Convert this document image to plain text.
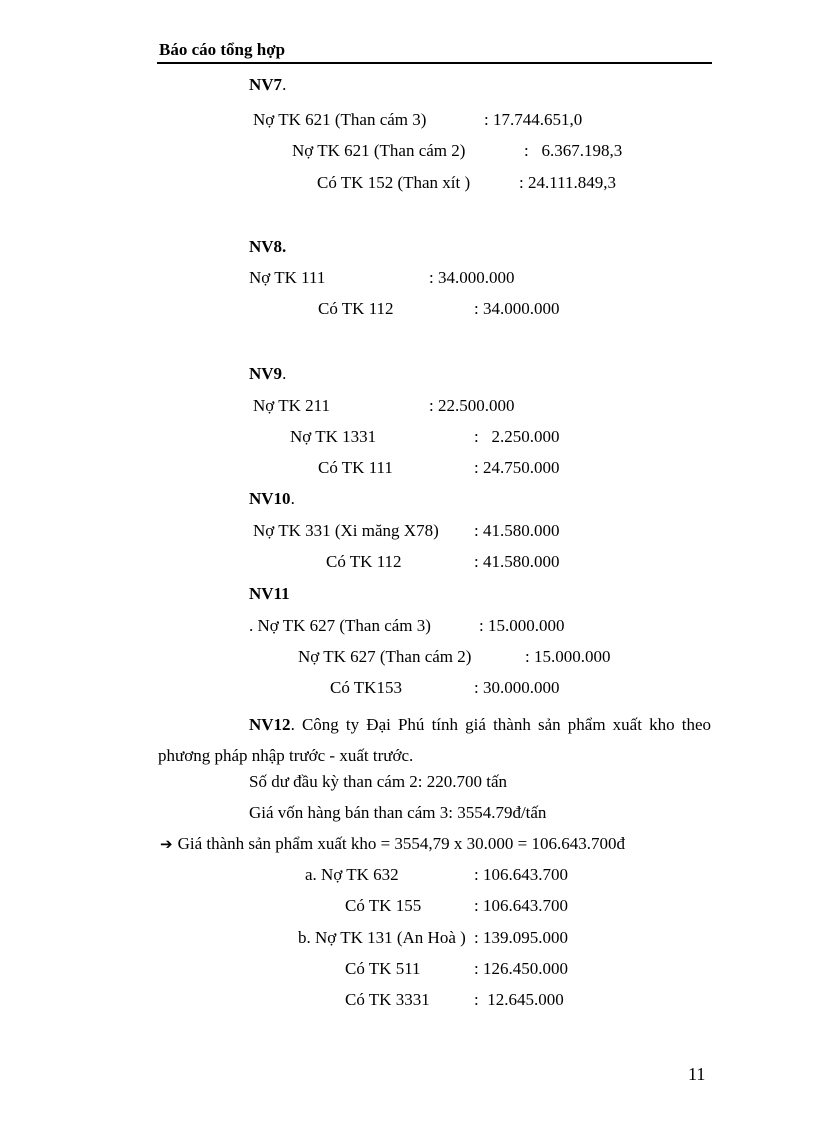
Báo cáo tổng hợp
NV7.
Nợ TK 621 (Than cám 3)	: 17.744.651,0
Nợ TK 621 (Than cám 2)	:   6.367.198,3
Có TK 152 (Than xít )	: 24.111.849,3
NV8.
Nợ TK 111	: 34.000.000
Có TK 112	: 34.000.000
NV9.
Nợ TK 211	: 22.500.000
Nợ TK 1331	:   2.250.000
Có TK 111	: 24.750.000
NV10.
Nợ TK 331 (Xi măng X78) : 41.580.000
Có TK 112	: 41.580.000
NV11
. Nợ TK 627 (Than cám 3)	: 15.000.000
Nợ TK 627 (Than cám 2)	: 15.000.000
Có TK153	: 30.000.000
NV12. Công ty Đại Phú tính giá thành sản phẩm xuất kho theo phương pháp nhập trước - xuất trước.
Số dư đầu kỳ than cám 2: 220.700 tấn
Giá vốn hàng bán than cám 3: 3554.79đ/tấn
➔ Giá thành sản phẩm xuất kho = 3554,79 x 30.000 = 106.643.700đ
a. Nợ TK 632	: 106.643.700
Có TK 155	: 106.643.700
b. Nợ TK 131 (An Hoà ) : 139.095.000
Có TK 511	: 126.450.000
Có TK 3331	:  12.645.000
11
